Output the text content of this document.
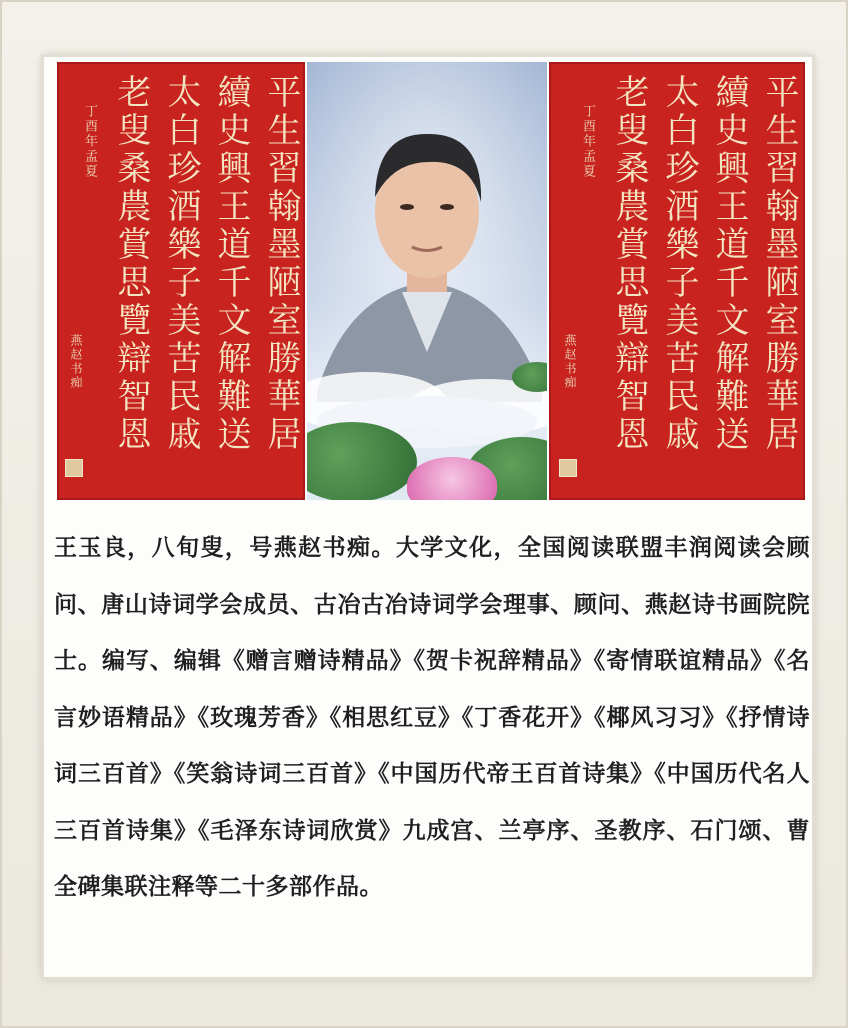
平生習翰墨陋室勝華居
續史興王道千文解難送
太白珍酒樂子美苦民戚
老叟桑農賞思覽辯智恩
丁酉年孟夏
燕赵书痴	平生習翰墨陋室勝華居
續史興王道千文解難送
太白珍酒樂子美苦民戚
老叟桑農賞思覽辯智恩
丁酉年孟夏
燕赵书痴

王玉良，八旬叟，号燕赵书痴。大学文化，全国阅读联盟丰润阅读会顾问、唐山诗词学会成员、古冶古冶诗词学会理事、顾问、燕赵诗书画院院士。编写、编辑《赠言赠诗精品》《贺卡祝辞精品》《寄情联谊精品》《名言妙语精品》《玫瑰芳香》《相思红豆》《丁香花开》《椰风习习》《抒情诗词三百首》《笑翁诗词三百首》《中国历代帝王百首诗集》《中国历代名人三百首诗集》《毛泽东诗词欣赏》九成宫、兰亭序、圣教序、石门颂、曹全碑集联注释等二十多部作品。
